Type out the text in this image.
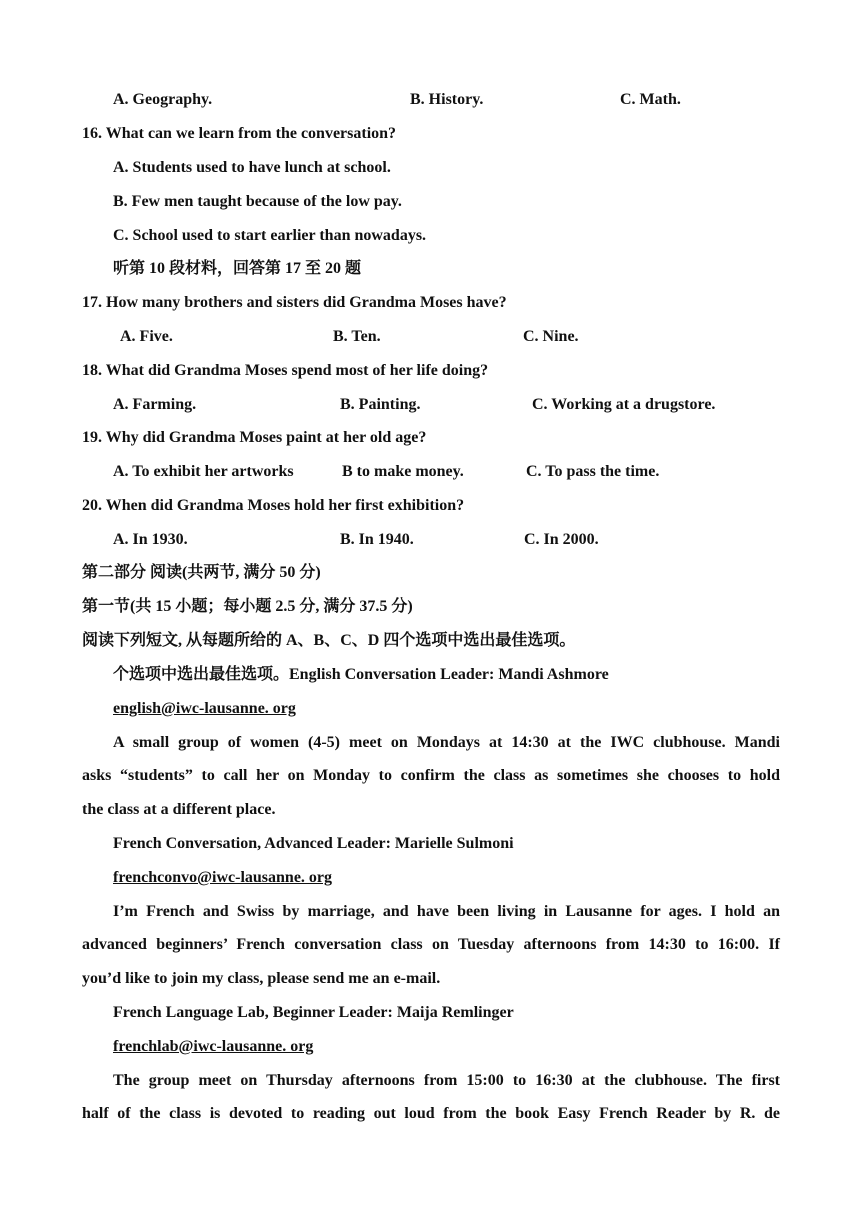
A. Geography.	B. History.	C. Math.
16. What can we learn from the conversation?
A. Students used to have lunch at school.
B. Few men taught because of the low pay.
C. School used to start earlier than nowadays.
听第 10 段材料，回答第 17 至 20 题
17. How many brothers and sisters did Grandma Moses have?
A. Five.	B. Ten.	C. Nine.
18. What did Grandma Moses spend most of her life doing?
A. Farming.	B. Painting.	C. Working at a drugstore.
19. Why did Grandma Moses paint at her old age?
A. To exhibit her artworks	B to make money.	C. To pass the time.
20. When did Grandma Moses hold her first exhibition?
A. In 1930.	B. In 1940.	C. In 2000.
第二部分 阅读(共两节, 满分 50 分)
第一节(共 15 小题；每小题 2.5 分, 满分 37.5 分)
阅读下列短文, 从每题所给的 A、B、C、D 四个选项中选出最佳选项。
个选项中选出最佳选项。English Conversation Leader: Mandi Ashmore
english@iwc-lausanne. org
A small group of women (4-5) meet on Mondays at 14:30 at the IWC clubhouse. Mandi
asks “students” to call her on Monday to confirm the class as sometimes she chooses to hold
the class at a different place.
French Conversation, Advanced Leader: Marielle Sulmoni
frenchconvo@iwc-lausanne. org
I’m French and Swiss by marriage, and have been living in Lausanne for ages. I hold an
advanced beginners’ French conversation class on Tuesday afternoons from 14:30 to 16:00. If
you’d like to join my class, please send me an e-mail.
French Language Lab, Beginner Leader: Maija Remlinger
frenchlab@iwc-lausanne. org
The group meet on Thursday afternoons from 15:00 to 16:30 at the clubhouse. The first
half of the class is devoted to reading out loud from the book Easy French Reader by R. de
